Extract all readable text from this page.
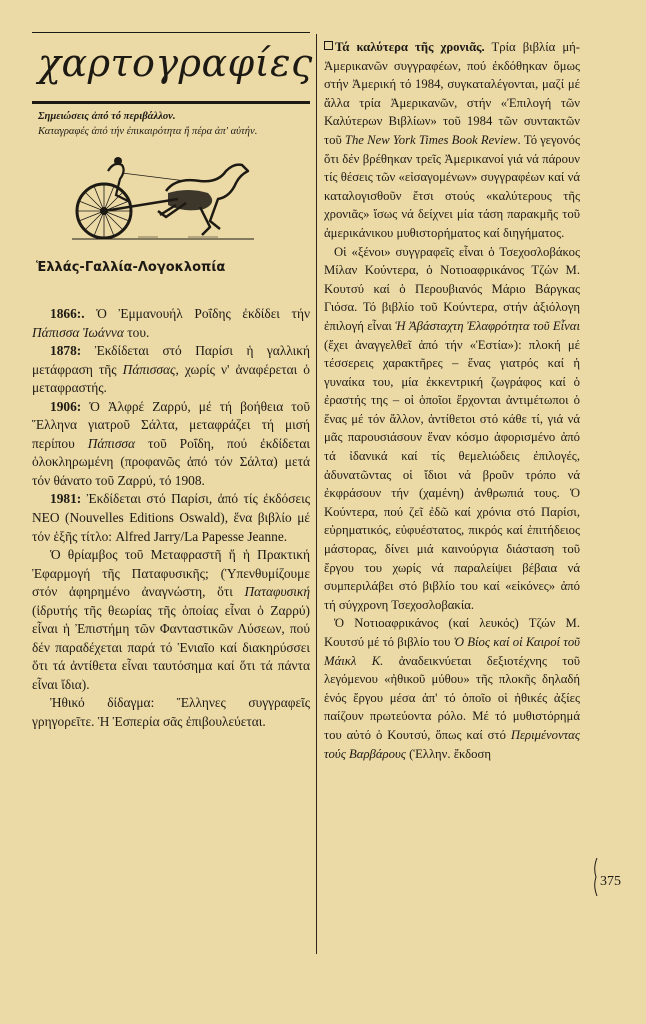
χαρτογραφίες
Σημειώσεις ἀπό τό περιβάλλον.
Καταγραφές ἀπό τήν ἐπικαιρότητα ἤ πέρα ἀπ' αὐτήν.
Ἑλλάς-Γαλλία-Λογοκλοπία

1866:. Ὁ Ἐμμανουήλ Ροΐδης ἐκδίδει τήν Πάπισσα Ἰωάννα του.

1878: Ἐκδίδεται στό Παρίσι ἡ γαλλική μετάφραση τῆς Πάπισσας, χωρίς ν' ἀναφέρεται ὁ μεταφραστής.

1906: Ὁ Ἀλφρέ Ζαρρύ, μέ τή βοήθεια τοῦ Ἕλληνα γιατροῦ Σάλτα, μεταφράζει τή μισή περίπου Πάπισσα τοῦ Ροΐδη, πού ἐκδίδεται ὁλοκληρωμένη (προφανῶς ἀπό τόν Σάλτα) μετά τόν θάνατο τοῦ Ζαρρύ, τό 1908.

1981: Ἐκδίδεται στό Παρίσι, ἀπό τίς ἐκδόσεις ΝΕΟ (Nouvelles Editions Oswald), ἕνα βιβλίο μέ τόν ἑξῆς τίτλο: Alfred Jarry/La Papesse Jeanne.

Ὁ θρίαμβος τοῦ Μεταφραστῆ ἤ ἡ Πρακτική Ἐφαρμογή τῆς Παταφυσικῆς; (Ὑπενθυμίζουμε στόν ἀφηρημένο ἀναγνώστη, ὅτι Παταφυσική (ἰδρυτής τῆς θεωρίας τῆς ὁποίας εἶναι ὁ Ζαρρύ) εἶναι ἡ Ἐπιστήμη τῶν Φανταστικῶν Λύσεων, πού δέν παραδέχεται παρά τό Ἑνιαῖο καί διακηρύσσει ὅτι τά ἀντίθετα εἶναι ταυτόσημα καί ὅτι τά πάντα εἶναι ἴδια).

Ἠθικό δίδαγμα: Ἕλληνες συγγραφεῖς γρηγορεῖτε. Ἡ Ἑσπερία σᾶς ἐπιβουλεύεται.

Τά καλύτερα τῆς χρονιᾶς. Τρία βιβλία μή-Ἀμερικανῶν συγγραφέων, πού ἐκδόθηκαν ὅμως στήν Ἀμερική τό 1984, συγκαταλέγονται, μαζί μέ ἄλλα τρία Ἀμερικανῶν, στήν «Ἐπιλογή τῶν Καλύτερων Βιβλίων» τοῦ 1984 τῶν συντακτῶν τοῦ The New York Times Book Review. Τό γεγονός ὅτι δέν βρέθηκαν τρεῖς Ἀμερικανοί γιά νά πάρουν τίς θέσεις τῶν «εἰσαγομένων» συγγραφέων καί νά καταλογισθοῦν ἔτσι στούς «καλύτερους τῆς χρονιᾶς» ἴσως νά δείχνει μία τάση παρακμῆς τοῦ ἀμερικάνικου μυθιστορήματος καί διηγήματος.

Οἱ «ξένοι» συγγραφεῖς εἶναι ὁ Τσεχοσλοβάκος Μίλαν Κούντερα, ὁ Νοτιοαφρικάνος Τζών Μ. Κουτσύ καί ὁ Περουβιανός Μάριο Βάργκας Γιόσα. Τό βιβλίο τοῦ Κούντερα, στήν ἀξιόλογη ἐπιλογή εἶναι Ἡ Ἀβάσταχτη Ἐλαφρότητα τοῦ Εἶναι (ἔχει ἀναγγελθεῖ ἀπό τήν «Ἑστία»): πλοκή μέ τέσσερεις χαρακτῆρες – ἕνας γιατρός καί ἡ γυναίκα του, μία ἐκκεντρική ζωγράφος καί ὁ ἐραστής της – οἱ ὁποῖοι ἔρχονται ἀντιμέτωποι ὁ ἕνας μέ τόν ἄλλον, ἀντίθετοι στό κάθε τί, γιά νά μᾶς παρουσιάσουν ἕναν κόσμο ἀφορισμένο ἀπό τά ἰδανικά καί τίς θεμελιώδεις ἐπιλογές, ἀδυνατῶντας οἱ ἴδιοι νά βροῦν τρόπο νά ἐκφράσουν τήν (χαμένη) ἀνθρωπιά τους. Ὁ Κούντερα, πού ζεῖ ἐδῶ καί χρόνια στό Παρίσι, εὐρηματικός, εὐφυέστατος, πικρός καί ἐπιτήδειος μάστορας, δίνει μιά καινούργια διάσταση τοῦ ἔργου του χωρίς νά παραλείψει βέβαια νά συμπεριλάβει στό βιβλίο του καί «εἰκόνες» ἀπό τή σύγχρονη Τσεχοσλοβακία.

Ὁ Νοτιοαφρικάνος (καί λευκός) Τζών Μ. Κουτσύ μέ τό βιβλίο του Ὁ Βίος καί οἱ Καιροί τοῦ Μάικλ Κ. ἀναδεικνύεται δεξιοτέχνης τοῦ λεγόμενου «ἠθικοῦ μύθου» τῆς πλοκῆς δηλαδή ἑνός ἔργου μέσα ἀπ' τό ὁποῖο οἱ ἠθικές ἀξίες παίζουν πρωτεύοντα ρόλο. Μέ τό μυθιστόρημά του αὐτό ὁ Κουτσύ, ὅπως καί στό Περιμένοντας τούς Βαρβάρους (Ἑλλην. ἔκδοση

375
